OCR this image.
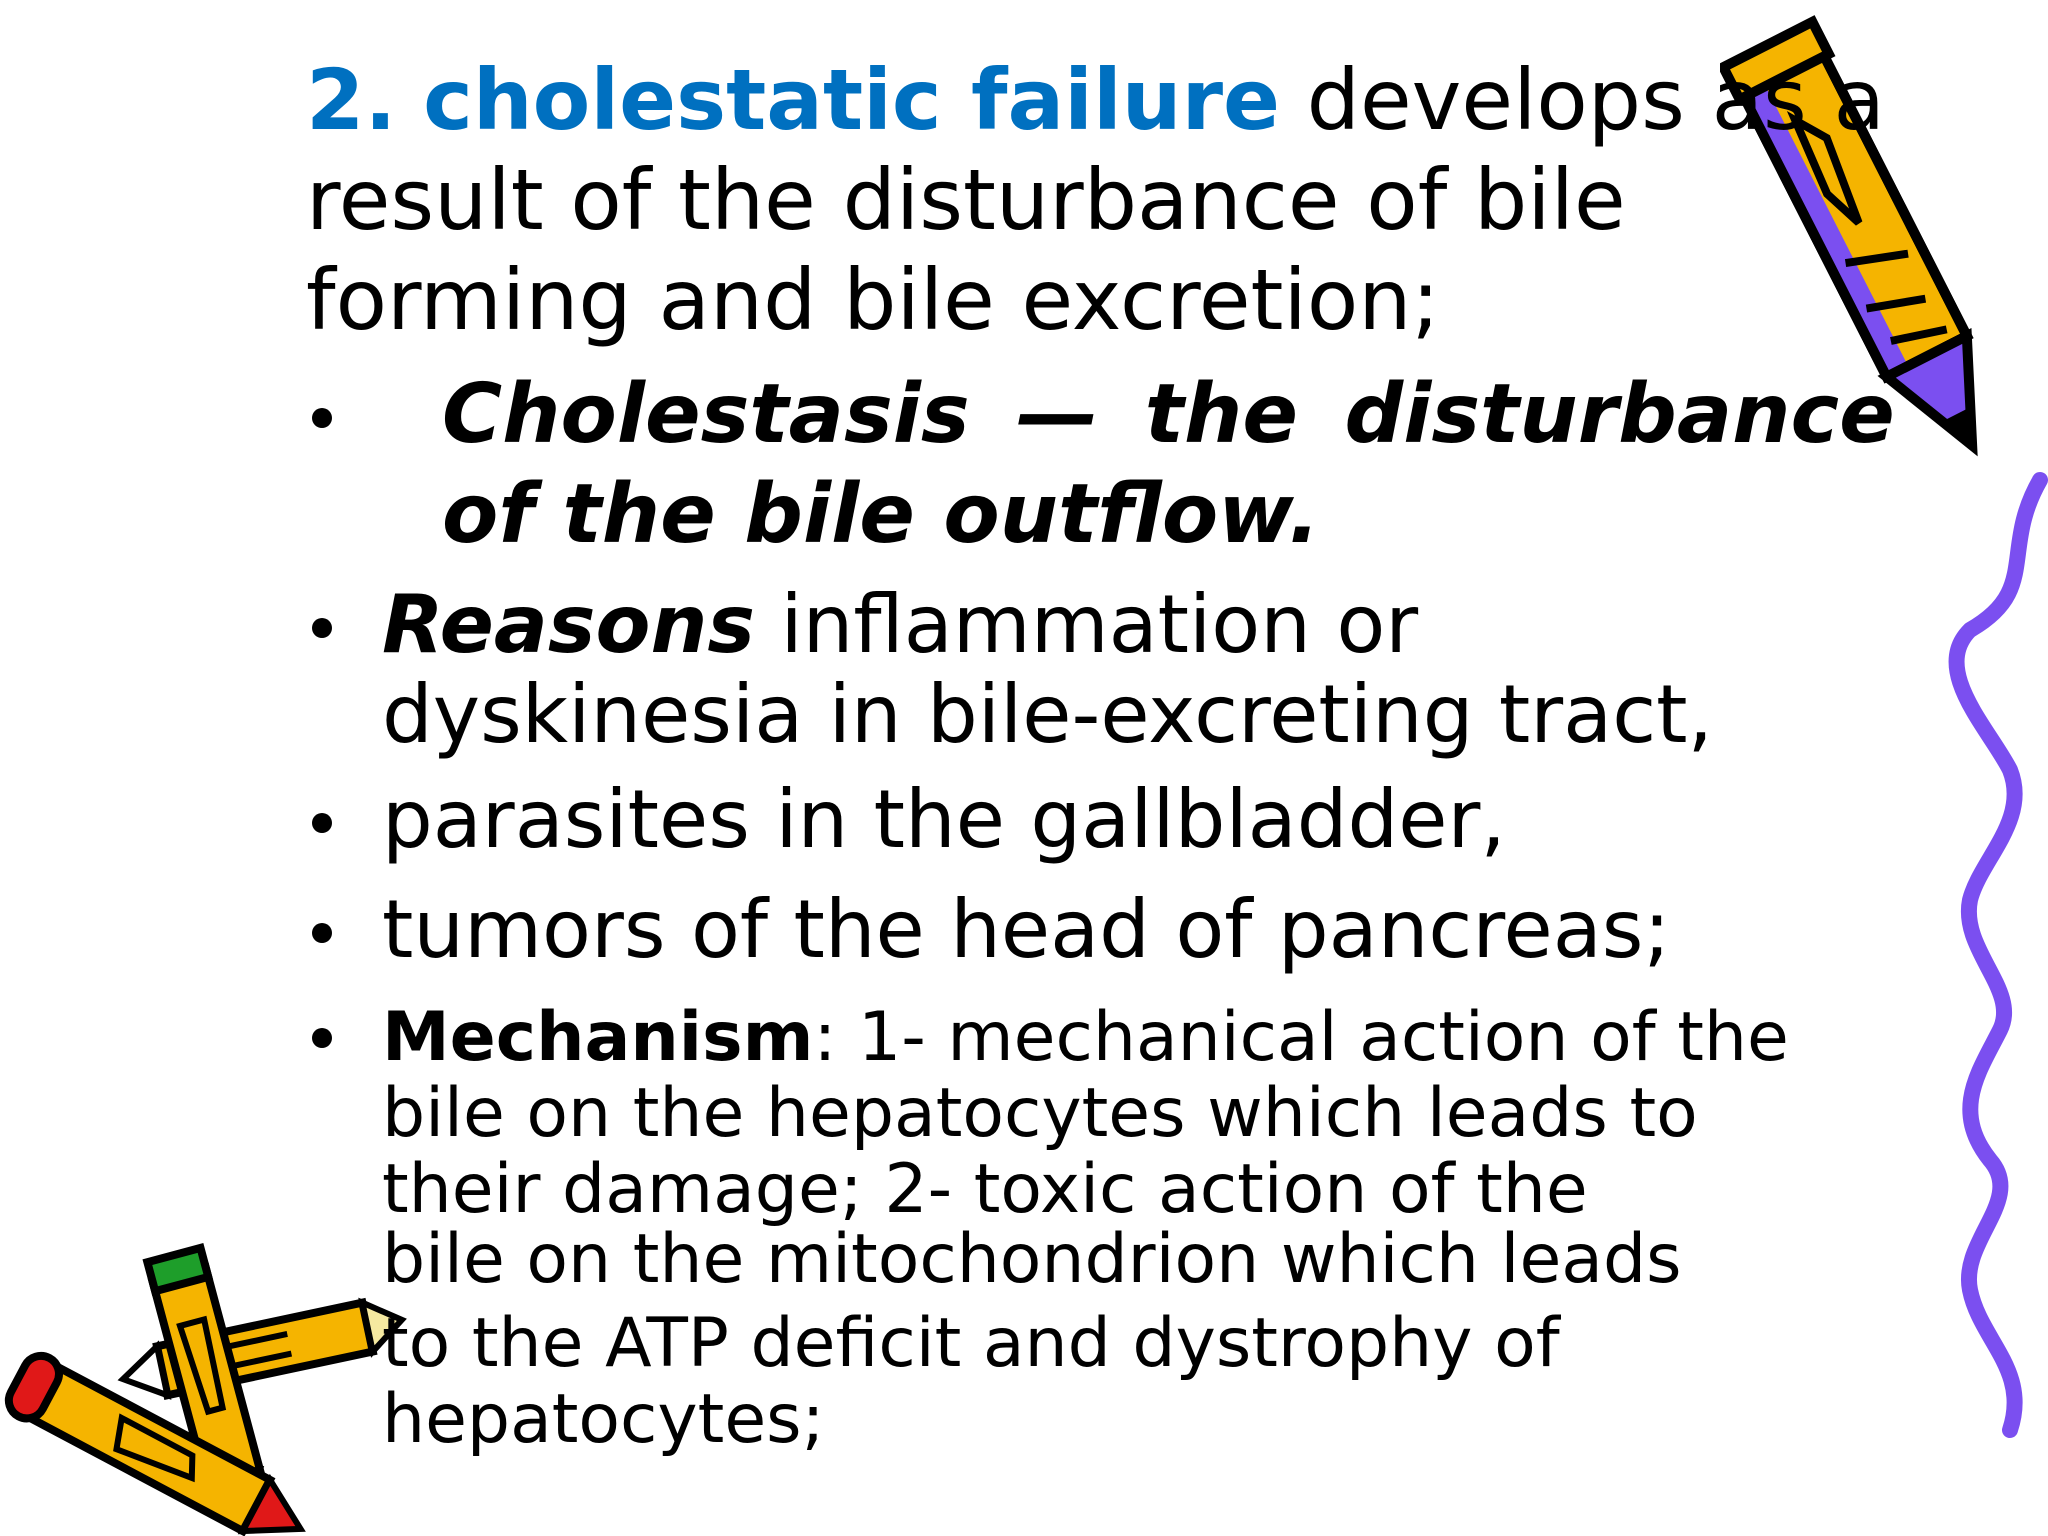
2. cholestatic failure develops as a
result of the disturbance of bile
forming and bile excretion;
Cholestasis — the disturbance
of the bile outflow.
Reasons inflammation or
dyskinesia in bile-excreting tract,
parasites in the gallbladder,
tumors of the head of pancreas;
Mechanism: 1- mechanical action of the
bile on the hepatocytes which leads to
their damage; 2- toxic action of the
bile on the mitochondrion which leads
to the ATP deficit and dystrophy of
hepatocytes;
